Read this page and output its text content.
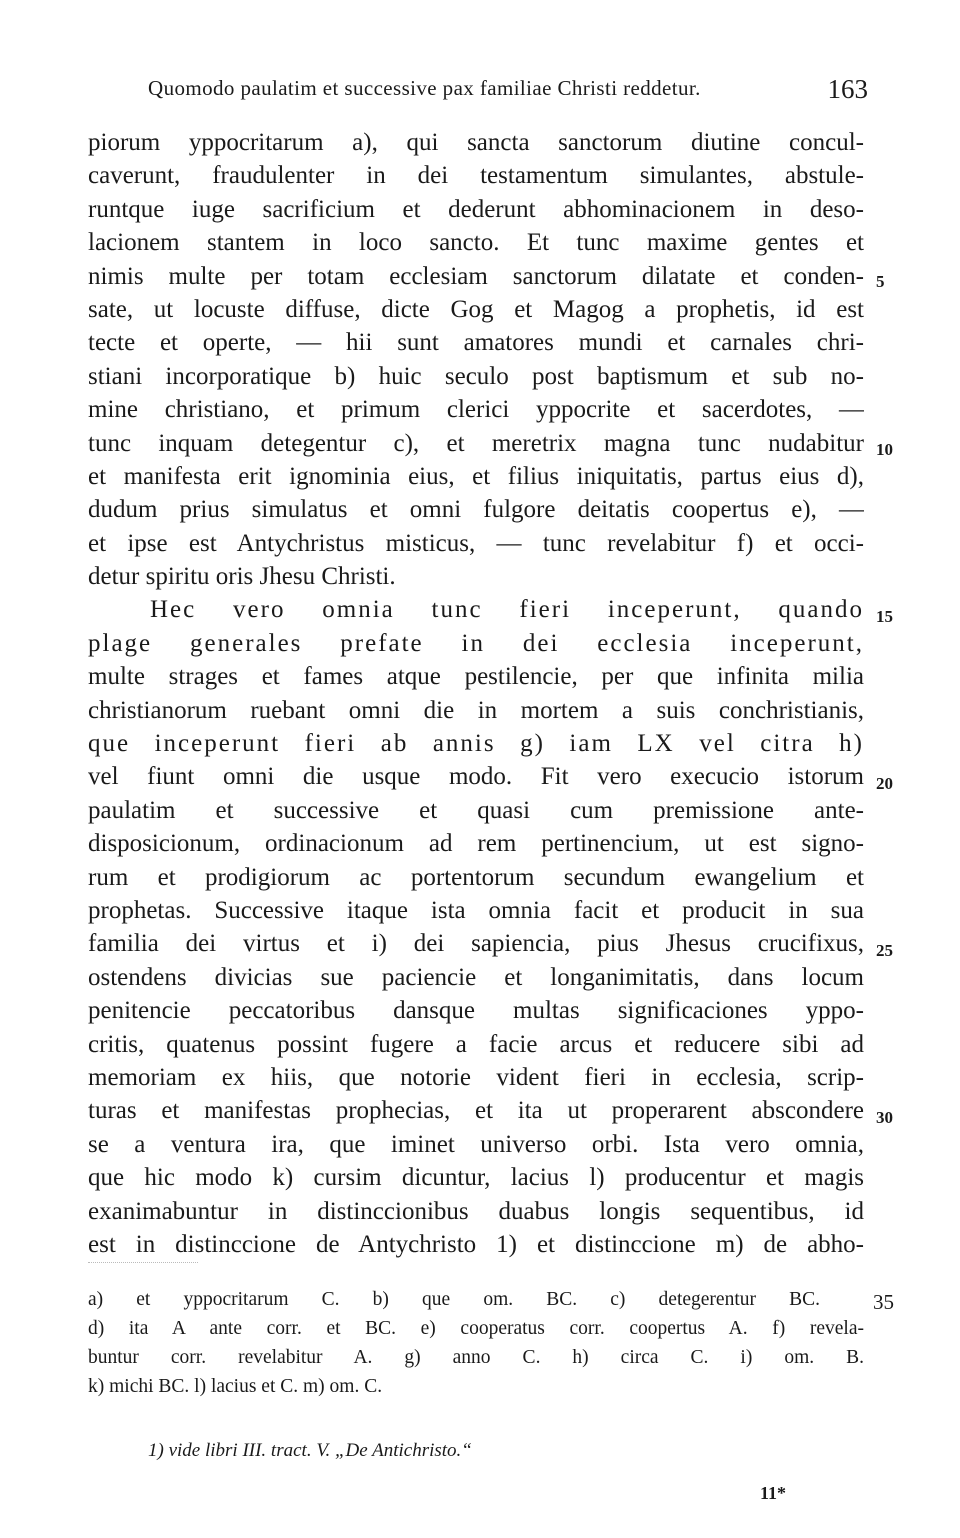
Quomodo paulatim et successive pax familiae Christi reddetur.	163
piorum yppocritarum a), qui sancta sanctorum diutine concul-
caverunt, fraudulenter in dei testamentum simulantes, abstule-
runtque iuge sacrificium et dederunt abhominacionem in deso-
lacionem stantem in loco sancto. Et tunc maxime gentes et
nimis multe per totam ecclesiam sanctorum dilatate et conden-
sate, ut locuste diffuse, dicte Gog et Magog a prophetis, id est
tecte et operte, — hii sunt amatores mundi et carnales chri-
stiani incorporatique b) huic seculo post baptismum et sub no-
mine christiano, et primum clerici yppocrite et sacerdotes, —
tunc inquam detegentur c), et meretrix magna tunc nudabitur
et manifesta erit ignominia eius, et filius iniquitatis, partus eius d),
dudum prius simulatus et omni fulgore deitatis coopertus e), —
et ipse est Antychristus misticus, — tunc revelabitur f) et occi-
detur spiritu oris Jhesu Christi.
Hec vero omnia tunc fieri inceperunt, quando
plage generales prefate in dei ecclesia inceperunt,
multe strages et fames atque pestilencie, per que infinita milia
christianorum ruebant omni die in mortem a suis conchristianis,
que inceperunt fieri ab annis g) iam LX vel citra h)
vel fiunt omni die usque modo. Fit vero execucio istorum
paulatim et successive et quasi cum premissione ante-
disposicionum, ordinacionum ad rem pertinencium, ut est signo-
rum et prodigiorum ac portentorum secundum ewangelium et
prophetas. Successive itaque ista omnia facit et producit in sua
familia dei virtus et i) dei sapiencia, pius Jhesus crucifixus,
ostendens divicias sue paciencie et longanimitatis, dans locum
penitencie peccatoribus dansque multas significaciones yppo-
critis, quatenus possint fugere a facie arcus et reducere sibi ad
memoriam ex hiis, que notorie vident fieri in ecclesia, scrip-
turas et manifestas prophecias, et ita ut properarent abscondere
se a ventura ira, que iminet universo orbi. Ista vero omnia,
que hic modo k) cursim dicuntur, lacius l) producentur et magis
exanimabuntur in distinccionibus duabus longis sequentibus, id
est in distinccione de Antychristo 1) et distinccione m) de abho-
5
10
15
20
25
30
a) et yppocritarum C. b) que om. BC. c) detegerentur BC.
d) ita A ante corr. et BC. e) cooperatus corr. coopertus A. f) revela-
buntur corr. revelabitur A. g) anno C. h) circa C. i) om. B.
k) michi BC. l) lacius et C. m) om. C.
35
1) vide libri III. tract. V. „De Antichristo.“
11*
